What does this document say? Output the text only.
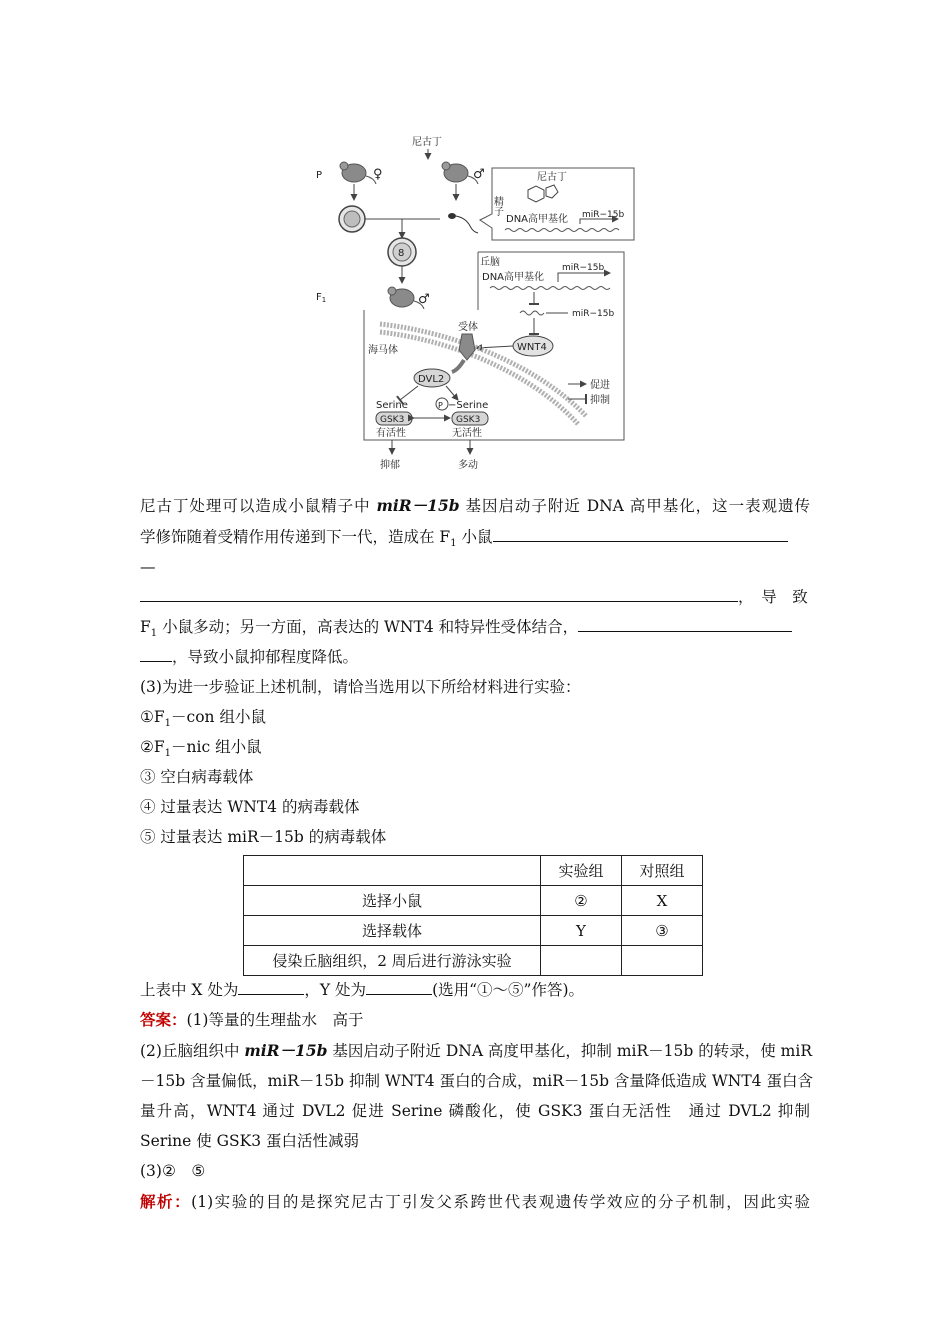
尼古丁
P	♀	♂
精子
尼古丁
DNA高甲基化 miR−15b
8
$F_1$	♂
丘脑
DNA高甲基化
miR−15b
miR−15b
WNT4
受体
海马体
DVL2
Serine	P −Serine
GSK3	GSK3
有活性	无活性
抑郁	多动
促进
抑制
尼古丁处理可以造成小鼠精子中 miR－15b 基因启动子附近 DNA 高甲基化，这一表观遗传
学修饰随着受精作用传递到下一代，造成在 $F_1$ 小鼠
—
，　导　致
$F_1$ 小鼠多动；另一方面，高表达的 WNT4 和特异性受体结合，
，导致小鼠抑郁程度降低。
(3)为进一步验证上述机制，请恰当选用以下所给材料进行实验：
$①F_1-con$ 组小鼠
$②F_1-nic$ 组小鼠
③ 空白病毒载体
④ 过量表达 WNT4 的病毒载体
⑤ 过量表达 miR－15b 的病毒载体
	实验组	对照组
选择小鼠	②	X
选择载体	Y	③
侵染丘脑组织，2 周后进行游泳实验		
上表中 X 处为	，Y 处为	(选用“①～⑤”作答)。
答案：(1)等量的生理盐水　高于
(2)丘脑组织中 miR－15b 基因启动子附近 DNA 高度甲基化，抑制 miR－15b 的转录，使 miR
－15b 含量偏低，miR－15b 抑制 WNT4 蛋白的合成，miR－15b 含量降低造成 WNT4 蛋白含
量升高，WNT4 通过 DVL2 促进 Serine 磷酸化，使 GSK3 蛋白无活性　通过 DVL2 抑制
Serine 使 GSK3 蛋白活性减弱
(3)②　⑤
解析：(1)实验的目的是探究尼古丁引发父系跨世代表观遗传学效应的分子机制，因此实验
